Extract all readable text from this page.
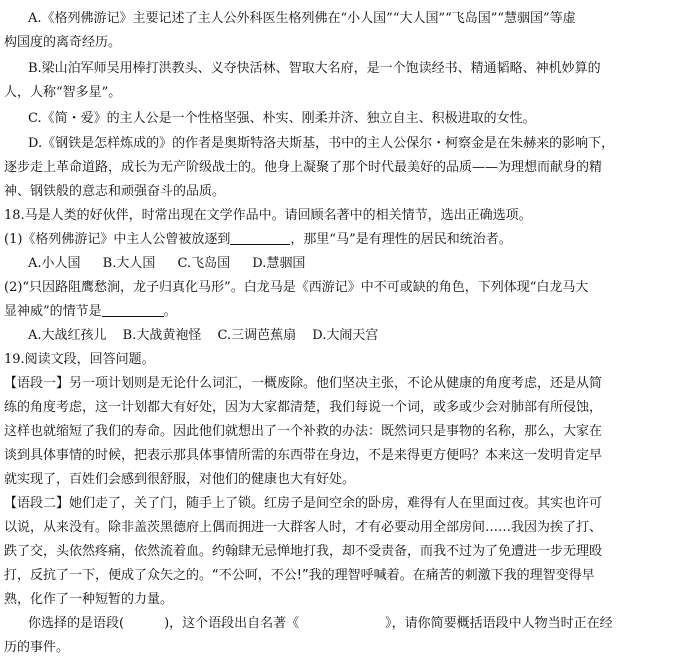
A.《格列佛游记》主要记述了主人公外科医生格列佛在“小人国”“大人国”“飞岛国”“慧骃国”等虚
构国度的离奇经历。
B.梁山泊军师吴用棒打洪教头、义夺快活林、智取大名府，是一个饱读经书、精通韬略、神机妙算的
人，人称“智多星”。
C.《简・爱》的主人公是一个性格坚强、朴实、刚柔并济、独立自主、积极进取的女性。
D.《钢铁是怎样炼成的》的作者是奥斯特洛夫斯基，书中的主人公保尔・柯察金是在朱赫来的影响下，
逐步走上革命道路，成长为无产阶级战士的。他身上凝聚了那个时代最美好的品质——为理想而献身的精
神、钢铁般的意志和顽强奋斗的品质。
18.马是人类的好伙伴，时常出现在文学作品中。请回顾名著中的相关情节，选出正确选项。
(1)《格列佛游记》中主人公曾被放逐到	，那里“马”是有理性的居民和统治者。
A.小人国 B.大人国 C.飞岛国 D.慧骃国
(2)“只因路阻鹰愁涧，龙子归真化马形”。白龙马是《西游记》中不可或缺的角色，下列体现“白龙马大
显神威”的情节是	。
A.大战红孩儿 B.大战黄袍怪 C.三调芭蕉扇 D.大闹天宫
19.阅读文段，回答问题。
【语段一】另一项计划则是无论什么词汇，一概废除。他们坚决主张，不论从健康的角度考虑，还是从简
练的角度考虑，这一计划都大有好处，因为大家都清楚，我们每说一个词，或多或少会对肺部有所侵蚀，
这样也就缩短了我们的寿命。因此他们就想出了一个补救的办法：既然词只是事物的名称，那么，大家在
谈到具体事情的时候，把表示那具体事情所需的东西带在身边，不是来得更方便吗？本来这一发明肯定早
就实现了，百姓们会感到很舒服，对他们的健康也大有好处。
【语段二】她们走了，关了门，随手上了锁。红房子是间空余的卧房，难得有人在里面过夜。其实也许可
以说，从来没有。除非盖茨黑德府上偶而拥进一大群客人时，才有必要动用全部房间……我因为挨了打、
跌了交，头依然疼痛，依然流着血。约翰肆无忌惮地打我，却不受责备，而我不过为了免遭进一步无理殴
打，反抗了一下，便成了众矢之的。“不公呵，不公!”我的理智呼喊着。在痛苦的刺激下我的理智变得早
熟，化作了一种短暂的力量。
你选择的是语段(	)，这个语段出自名著《	》，请你简要概括语段中人物当时正在经
历的事件。
